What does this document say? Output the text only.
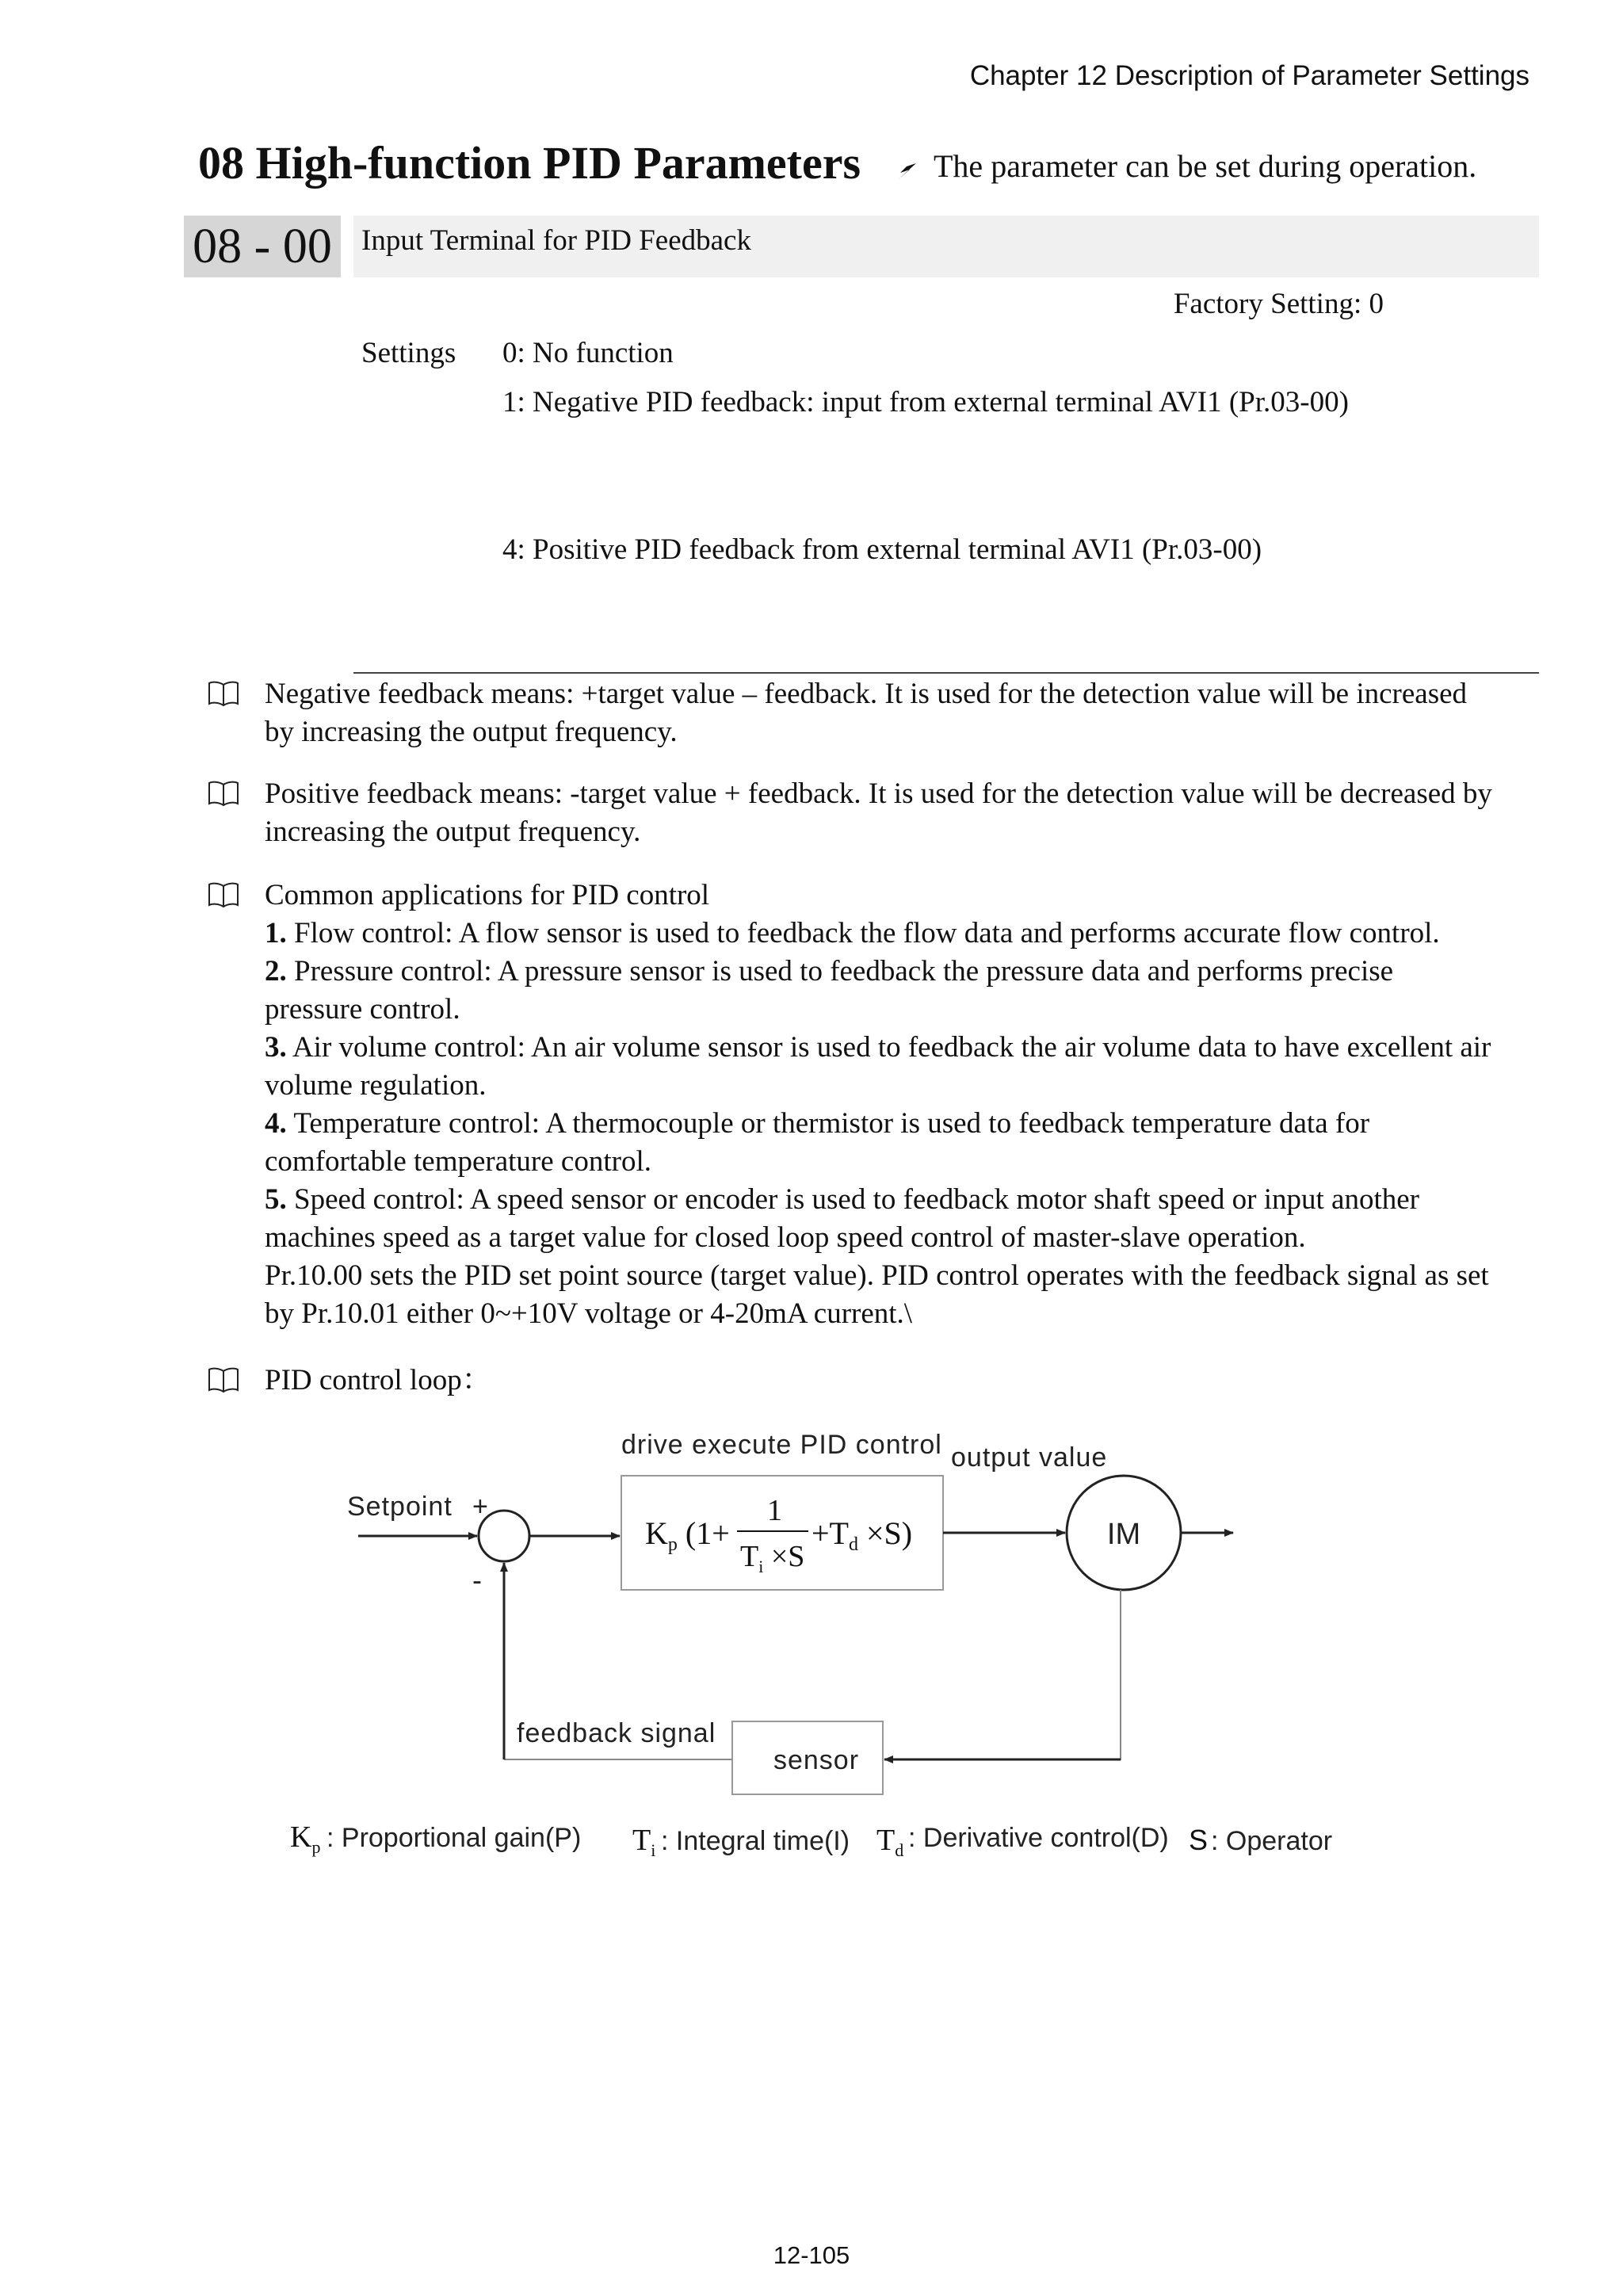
Chapter 12 Description of Parameter Settings
08 High-function PID Parameters The parameter can be set during operation.
08 - 00	Input Terminal for PID Feedback
Factory Setting: 0
Settings 0: No function
1: Negative PID feedback: input from external terminal AVI1 (Pr.03-00)
4: Positive PID feedback from external terminal AVI1 (Pr.03-00)
Negative feedback means: +target value – feedback. It is used for the detection value will be increased
by increasing the output frequency.
Positive feedback means: -target value + feedback. It is used for the detection value will be decreased by
increasing the output frequency.
Common applications for PID control
1. Flow control: A flow sensor is used to feedback the flow data and performs accurate flow control.
2. Pressure control: A pressure sensor is used to feedback the pressure data and performs precise
pressure control.
3. Air volume control: An air volume sensor is used to feedback the air volume data to have excellent air
volume regulation.
4. Temperature control: A thermocouple or thermistor is used to feedback temperature data for
comfortable temperature control.
5. Speed control: A speed sensor or encoder is used to feedback motor shaft speed or input another
machines speed as a target value for closed loop speed control of master-slave operation.
Pr.10.00 sets the PID set point source (target value). PID control operates with the feedback signal as set
by Pr.10.01 either 0~+10V voltage or 4-20mA current.\
PID control loop：
drive execute PID control output value
Setpoint +
-
$K_p$ (1+
1
$T_i \times S$
$+T_d \times S$)	IM
sensor
feedback signal
$K_p$ : Proportional gain(P) $T_i$ : Integral time(I) $T_d$ : Derivative control(D) S : Operator
12-105
